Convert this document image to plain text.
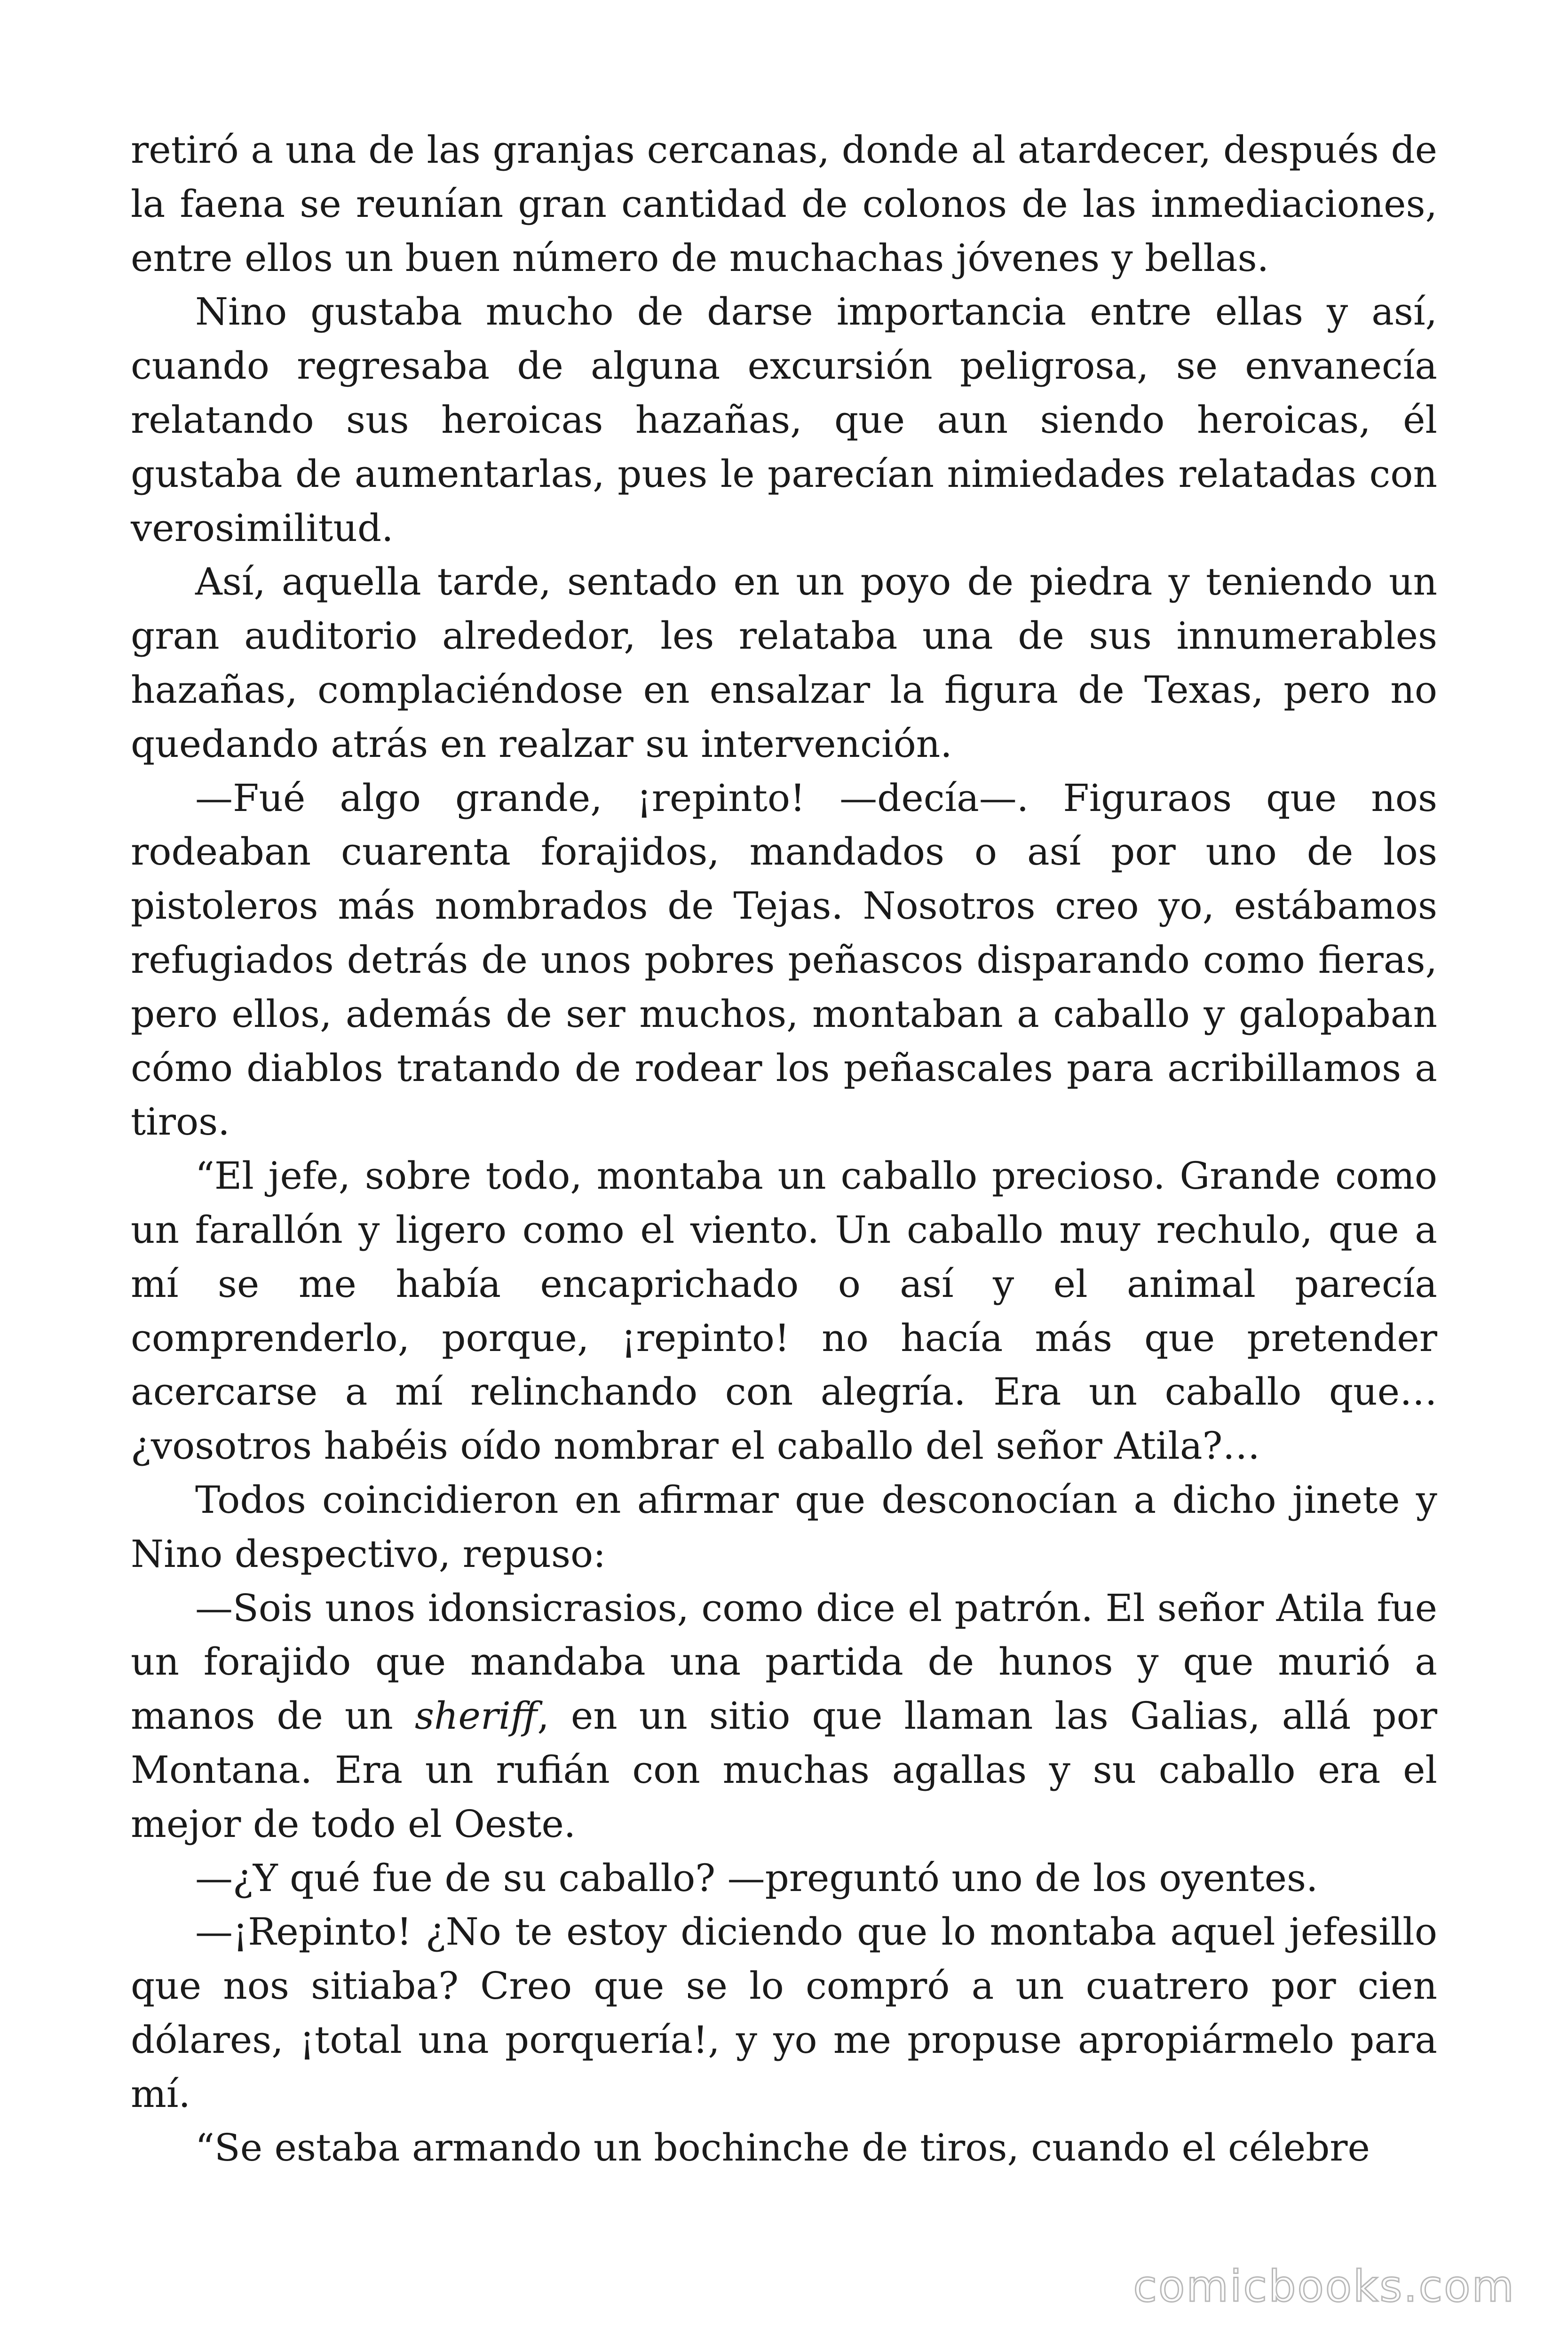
retiró a una de las granjas cercanas, donde al atardecer, después de la faena se reunían gran cantidad de colonos de las inmediaciones, entre ellos un buen número de muchachas jóvenes y bellas.

Nino gustaba mucho de darse importancia entre ellas y así, cuando regresaba de alguna excursión peligrosa, se envanecía relatando sus heroicas hazañas, que aun siendo heroicas, él gustaba de aumentarlas, pues le parecían nimiedades relatadas con verosimilitud.

Así, aquella tarde, sentado en un poyo de piedra y teniendo un gran auditorio alrededor, les relataba una de sus innumerables hazañas, complaciéndose en ensalzar la figura de Texas, pero no quedando atrás en realzar su intervención.

—Fué algo grande, ¡repinto! —decía—. Figuraos que nos rodeaban cuarenta forajidos, mandados o así por uno de los pistoleros más nombrados de Tejas. Nosotros creo yo, estábamos refugiados detrás de unos pobres peñascos disparando como fieras, pero ellos, además de ser muchos, montaban a caballo y galopaban cómo diablos tratando de rodear los peñascales para acribillamos a tiros.

“El jefe, sobre todo, montaba un caballo precioso. Grande como un farallón y ligero como el viento. Un caballo muy rechulo, que a mí se me había encaprichado o así y el animal parecía comprenderlo, porque, ¡repinto! no hacía más que pretender acercarse a mí relinchando con alegría. Era un caballo que… ¿vosotros habéis oído nombrar el caballo del señor Atila?…

Todos coincidieron en afirmar que desconocían a dicho jinete y Nino despectivo, repuso:

—Sois unos idonsicrasios, como dice el patrón. El señor Atila fue un forajido que mandaba una partida de hunos y que murió a manos de un sheriff, en un sitio que llaman las Galias, allá por Montana. Era un rufián con muchas agallas y su caballo era el mejor de todo el Oeste.

—¿Y qué fue de su caballo? —preguntó uno de los oyentes.

—¡Repinto! ¿No te estoy diciendo que lo montaba aquel jefesillo que nos sitiaba? Creo que se lo compró a un cuatrero por cien dólares, ¡total una porquería!, y yo me propuse apropiármelo para mí.

“Se estaba armando un bochinche de tiros, cuando el célebre

comicbooks.com
